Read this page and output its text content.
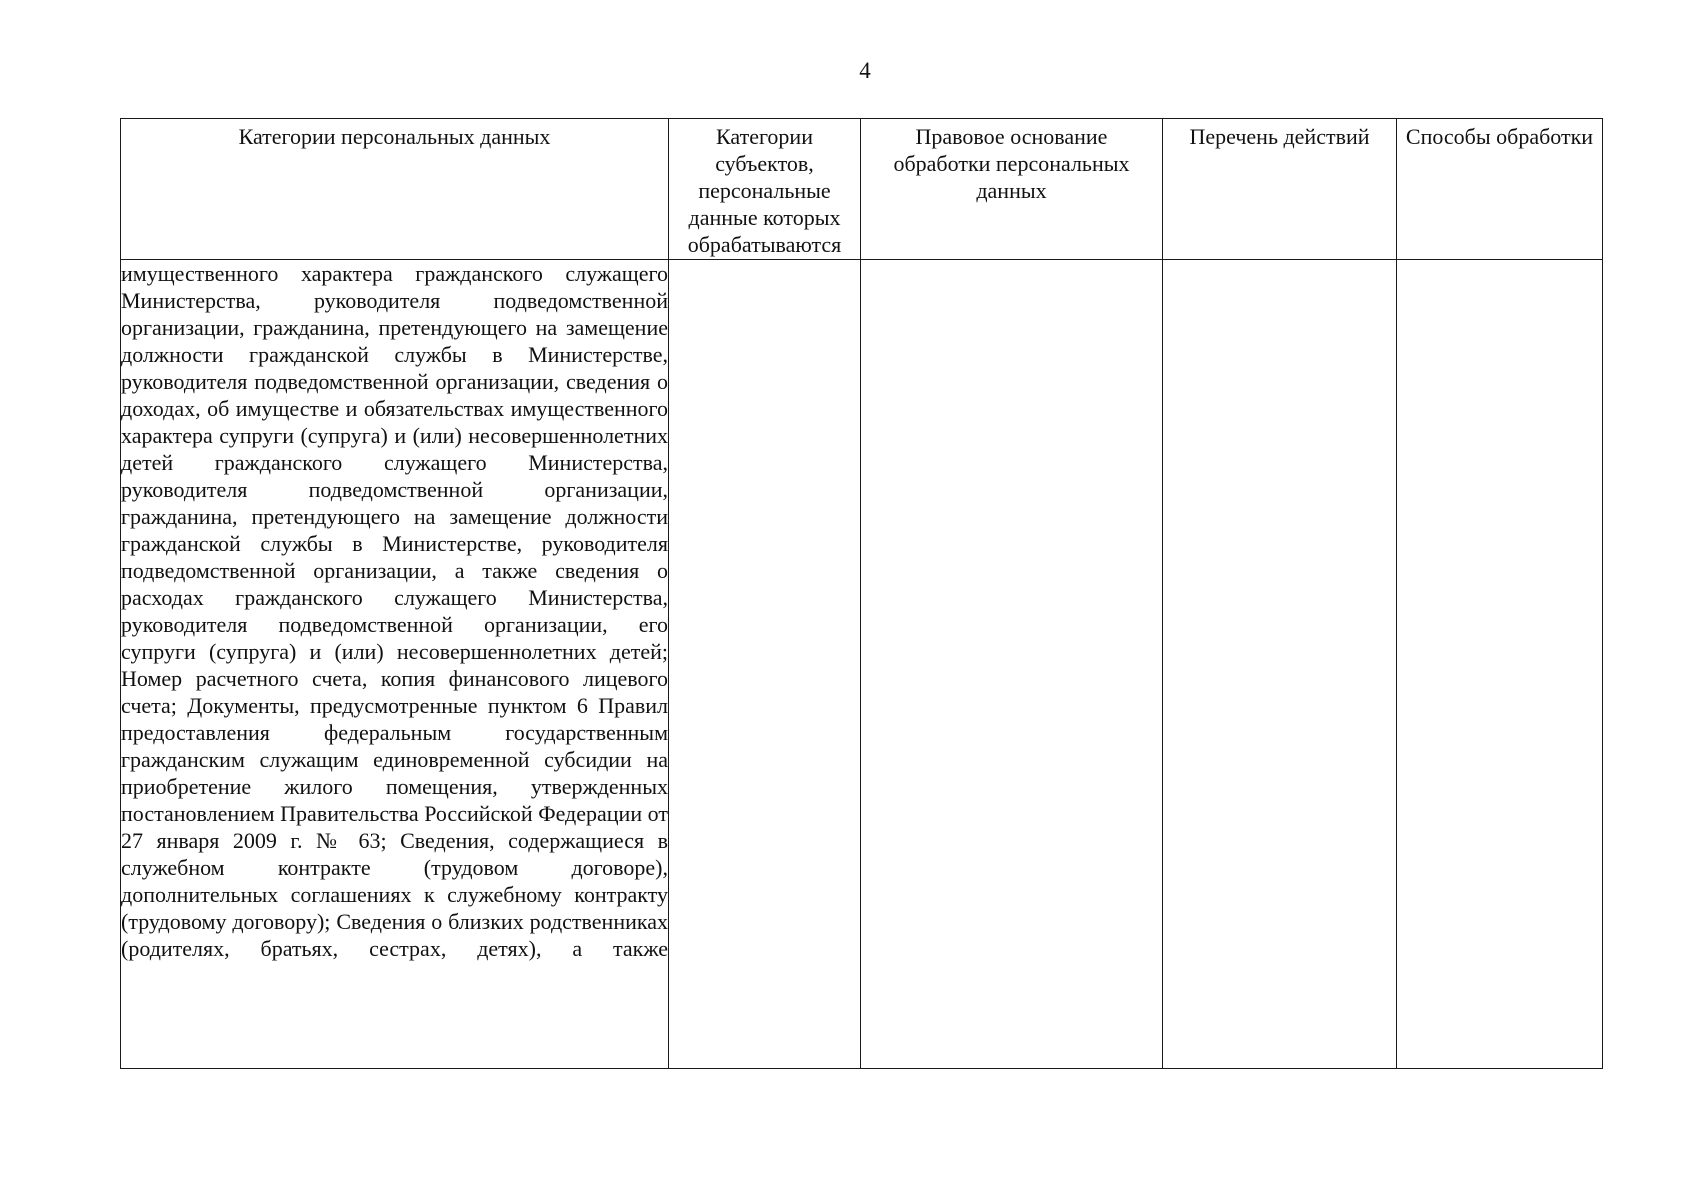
4
Категории персональных данных	Категории субъектов, персональные данные которых обрабатываются	Правовое основание обработки персональных данных	Перечень действий	Способы обработки
имущественного характера гражданского служащего Министерства, руководителя подведомственной организации, гражданина, претендующего на замещение должности гражданской службы в Министерстве, руководителя подведомственной организации, сведения о доходах, об имуществе и обязательствах имущественного характера супруги (супруга) и (или) несовершеннолетних детей гражданского служащего Министерства, руководителя подведомственной организации, гражданина, претендующего на замещение должности гражданской службы в Министерстве, руководителя подведомственной организации, а также сведения о расходах гражданского служащего Министерства, руководителя подведомственной организации, его супруги (супруга) и (или) несовершеннолетних детей; Номер расчетного счета, копия финансового лицевого счета; Документы, предусмотренные пунктом 6 Правил предоставления федеральным государственным гражданским служащим единовременной субсидии на приобретение жилого помещения, утвержденных постановлением Правительства Российской Федерации от 27 января 2009 г. № 63; Сведения, содержащиеся в служебном контракте (трудовом договоре), дополнительных соглашениях к служебному контракту (трудовому договору); Сведения о близких родственниках (родителях, братьях, сестрах, детях), а также				
